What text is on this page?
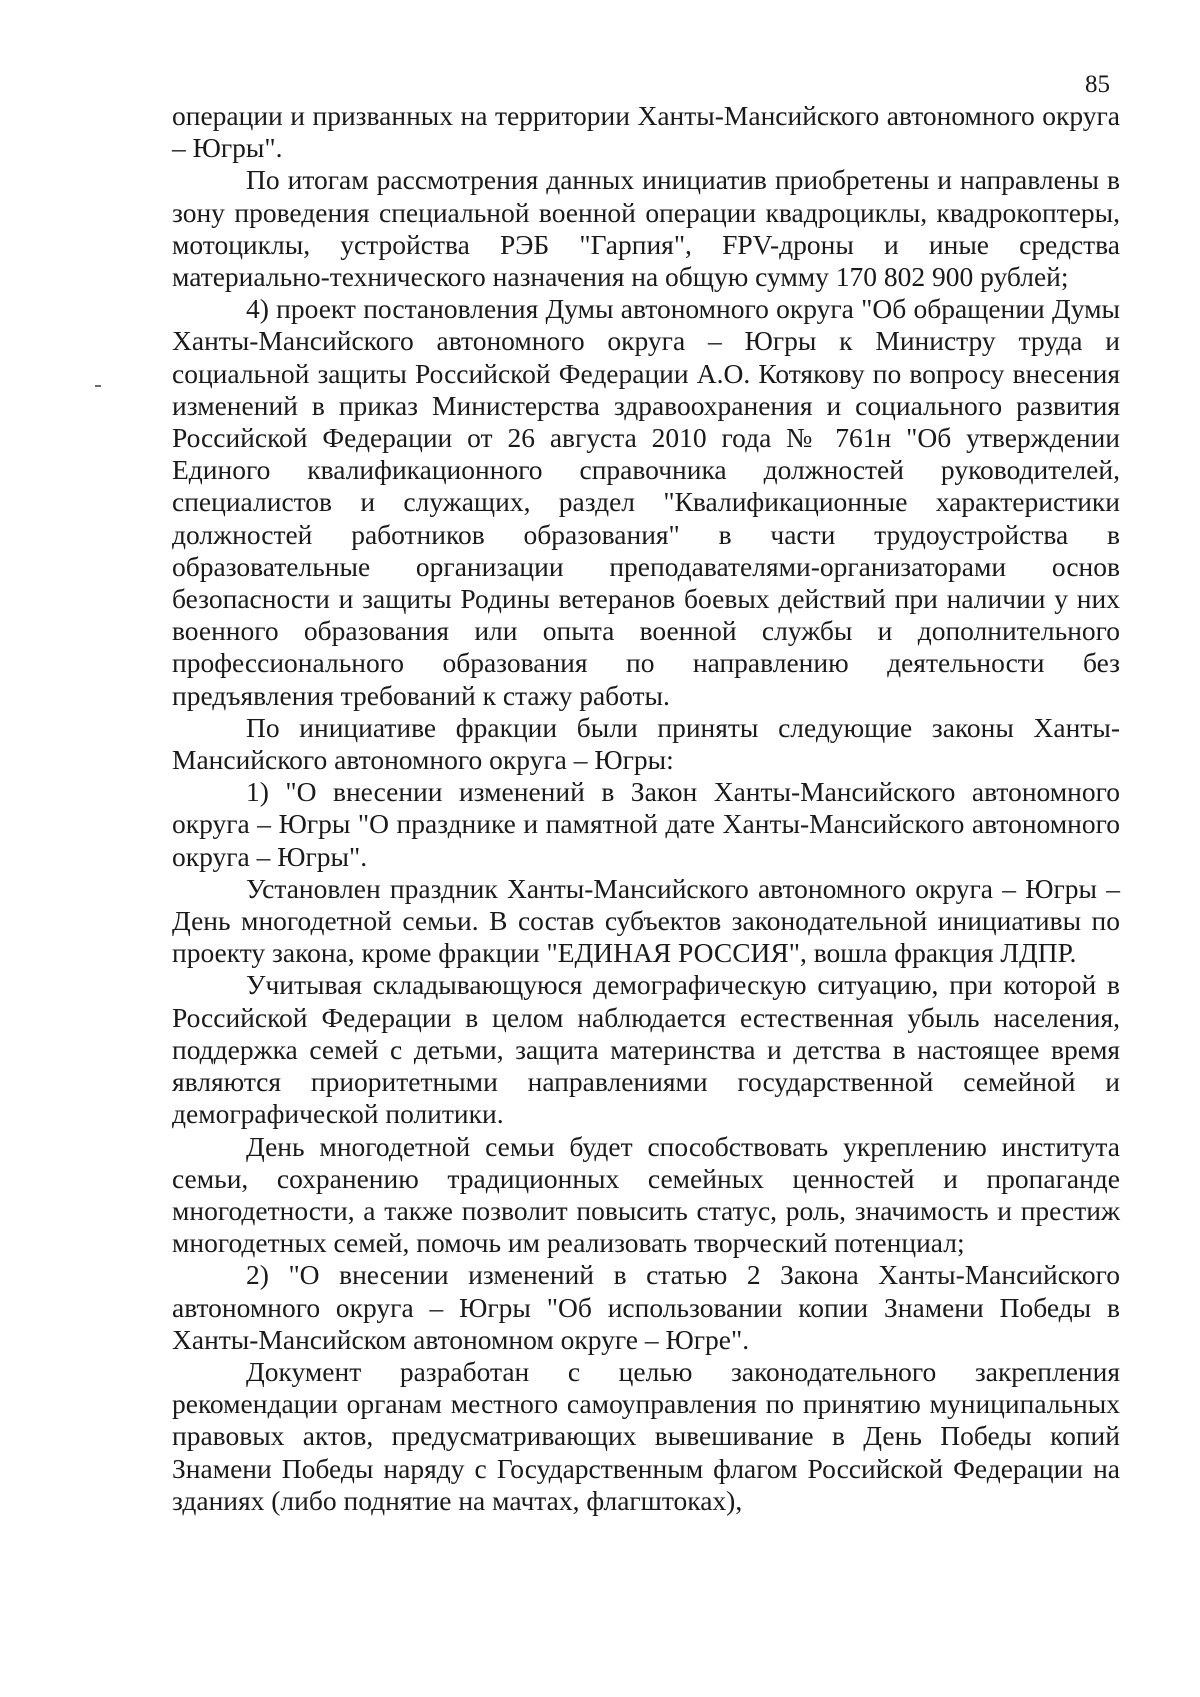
85

операции и призванных на территории Ханты-Мансийского автономного округа – Югры".

По итогам рассмотрения данных инициатив приобретены и направлены в зону проведения специальной военной операции квадроциклы, квадрокоптеры, мотоциклы, устройства РЭБ "Гарпия", FPV-дроны и иные средства материально-технического назначения на общую сумму 170 802 900 рублей;

4) проект постановления Думы автономного округа "Об обращении Думы Ханты-Мансийского автономного округа – Югры к Министру труда и социальной защиты Российской Федерации А.О. Котякову по вопросу внесения изменений в приказ Министерства здравоохранения и социального развития Российской Федерации от 26 августа 2010 года № 761н "Об утверждении Единого квалификационного справочника должностей руководителей, специалистов и служащих, раздел "Квалификационные характеристики должностей работников образования" в части трудоустройства в образовательные организации преподавателями-организаторами основ безопасности и защиты Родины ветеранов боевых действий при наличии у них военного образования или опыта военной службы и дополнительного профессионального образования по направлению деятельности без предъявления требований к стажу работы.

По инициативе фракции были приняты следующие законы Ханты-Мансийского автономного округа – Югры:

1) "О внесении изменений в Закон Ханты-Мансийского автономного округа – Югры "О празднике и памятной дате Ханты-Мансийского автономного округа – Югры".

Установлен праздник Ханты-Мансийского автономного округа – Югры – День многодетной семьи. В состав субъектов законодательной инициативы по проекту закона, кроме фракции "ЕДИНАЯ РОССИЯ", вошла фракция ЛДПР.

Учитывая складывающуюся демографическую ситуацию, при которой в Российской Федерации в целом наблюдается естественная убыль населения, поддержка семей с детьми, защита материнства и детства в настоящее время являются приоритетными направлениями государственной семейной и демографической политики.

День многодетной семьи будет способствовать укреплению института семьи, сохранению традиционных семейных ценностей и пропаганде многодетности, а также позволит повысить статус, роль, значимость и престиж многодетных семей, помочь им реализовать творческий потенциал;

2) "О внесении изменений в статью 2 Закона Ханты-Мансийского автономного округа – Югры "Об использовании копии Знамени Победы в Ханты-Мансийском автономном округе – Югре".

Документ разработан с целью законодательного закрепления рекомендации органам местного самоуправления по принятию муниципальных правовых актов, предусматривающих вывешивание в День Победы копий Знамени Победы наряду с Государственным флагом Российской Федерации на зданиях (либо поднятие на мачтах, флагштоках),
